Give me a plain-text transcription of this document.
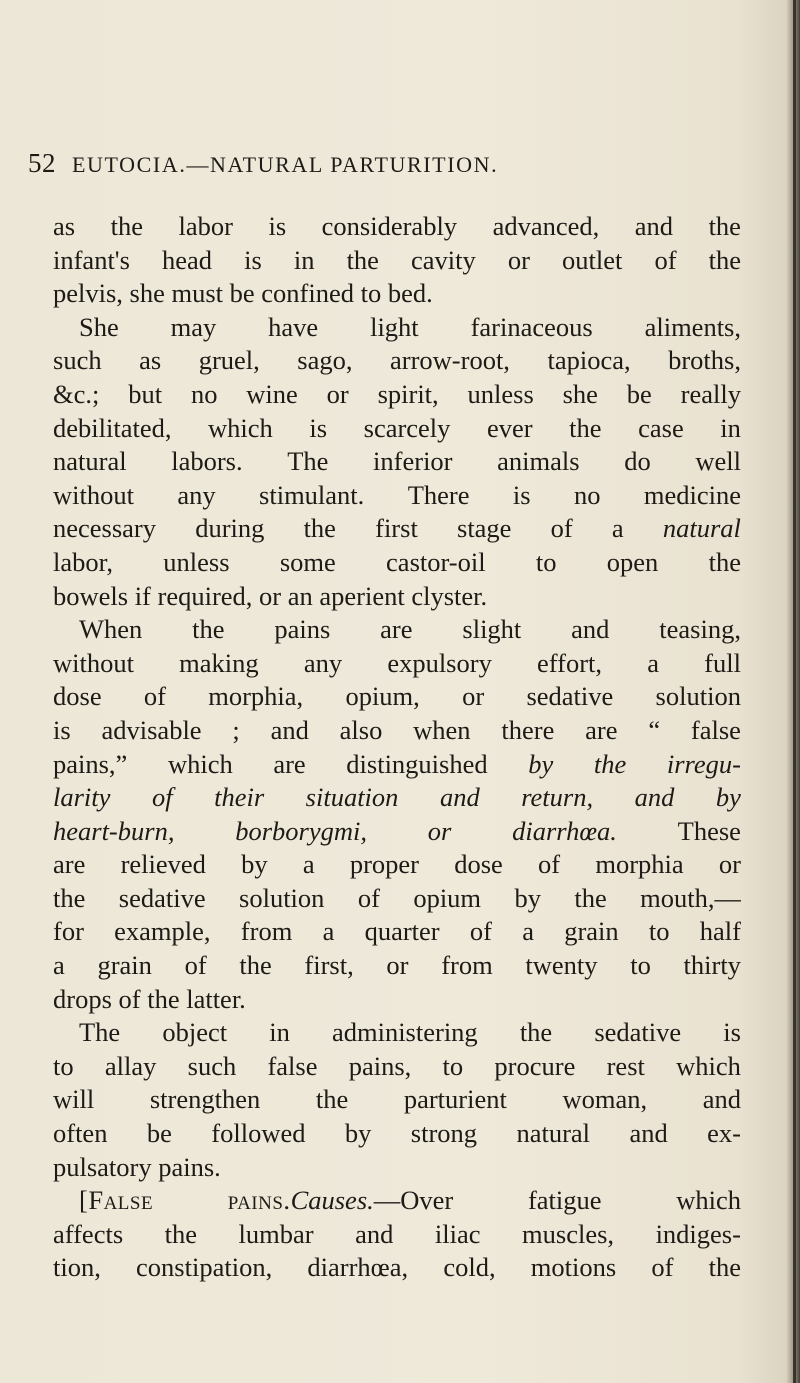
52 EUTOCIA.—NATURAL PARTURITION.
as the labor is considerably advanced, and the
infant's head is in the cavity or outlet of the
pelvis, she must be confined to bed.
She may have light farinaceous aliments,
such as gruel, sago, arrow-root, tapioca, broths,
&c.; but no wine or spirit, unless she be really
debilitated, which is scarcely ever the case in
natural labors. The inferior animals do well
without any stimulant. There is no medicine
necessary during the first stage of a natural
labor, unless some castor-oil to open the
bowels if required, or an aperient clyster.
When the pains are slight and teasing,
without making any expulsory effort, a full
dose of morphia, opium, or sedative solution
is advisable ; and also when there are “ false
pains,” which are distinguished by the irregu-
larity of their situation and return, and by
heart-burn, borborygmi, or diarrhœa. These
are relieved by a proper dose of morphia or
the sedative solution of opium by the mouth,—
for example, from a quarter of a grain to half
a grain of the first, or from twenty to thirty
drops of the latter.
The object in administering the sedative is
to allay such false pains, to procure rest which
will strengthen the parturient woman, and
often be followed by strong natural and ex-
pulsatory pains.
[False	pains.Causes.—Over	fatigue	which
affects the lumbar and iliac muscles, indiges-
tion, constipation, diarrhœa, cold, motions of the
